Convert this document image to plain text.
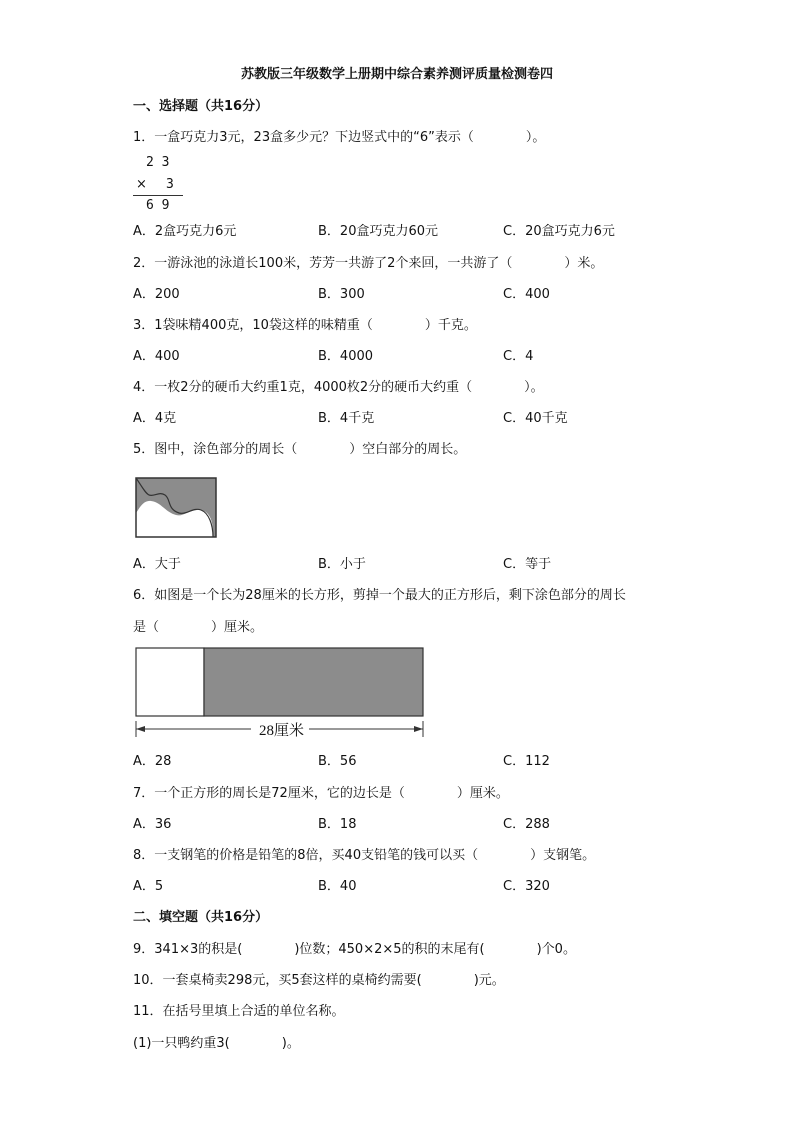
苏教版三年级数学上册期中综合素养测评质量检测卷四
一、选择题（共16分）
1．一盒巧克力3元，23盒多少元？下边竖式中的“6”表示（　　　　）。
2 3
× 3
6 9
A．2盒巧克力6元	B．20盒巧克力60元	C．20盒巧克力6元
2．一游泳池的泳道长100米，芳芳一共游了2个来回，一共游了（　　　　）米。
A．200	B．300	C．400
3．1袋味精400克，10袋这样的味精重（　　　　）千克。
A．400	B．4000	C．4
4．一枚2分的硬币大约重1克，4000枚2分的硬币大约重（　　　　）。
A．4克	B．4千克	C．40千克
5．图中，涂色部分的周长（　　　　）空白部分的周长。
A．大于	B．小于	C．等于
6．如图是一个长为28厘米的长方形，剪掉一个最大的正方形后，剩下涂色部分的周长
是（　　　　）厘米。
28厘米
A．28	B．56	C．112
7．一个正方形的周长是72厘米，它的边长是（　　　　）厘米。
A．36	B．18	C．288
8．一支钢笔的价格是铅笔的8倍，买40支铅笔的钱可以买（　　　　）支钢笔。
A．5	B．40	C．320
二、填空题（共16分）
9．341×3的积是(　　　　)位数；450×2×5的积的末尾有(　　　　)个0。
10．一套桌椅卖298元，买5套这样的桌椅约需要(　　　　)元。
11．在括号里填上合适的单位名称。
(1)一只鸭约重3(　　　　)。
